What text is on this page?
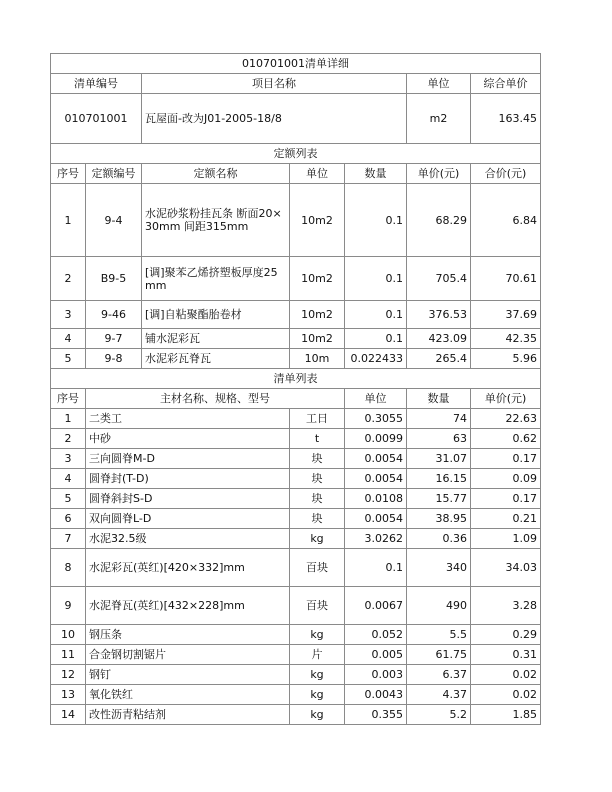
010701001清单详细							
清单编号		项目名称			单位	综合单价	
010701001		瓦屋面-改为J01-2005-18/8			m2	163.45	
定额列表							
序号	定额编号	定额名称	单位	数量	单价(元)	合价(元)	
1	9-4	水泥砂浆粉挂瓦条 断面20×30mm 间距315mm	10m2	0.1	68.29	6.84	
2	B9-5	[调]聚苯乙烯挤塑板厚度25mm	10m2	0.1	705.4	70.61	
3	9-46	[调]自粘聚酯胎卷材	10m2	0.1	376.53	37.69	
4	9-7	铺水泥彩瓦	10m2	0.1	423.09	42.35	
5	9-8	水泥彩瓦脊瓦	10m	0.022433	265.4	5.96	
清单列表							
序号	主材名称、规格、型号			单位	数量	单价(元)	
1	二类工	工日	0.3055	74	22.63
2	中砂	t	0.0099	63	0.62
3	三向圆脊M-D	块	0.0054	31.07	0.17
4	圆脊封(T-D)	块	0.0054	16.15	0.09
5	圆脊斜封S-D	块	0.0108	15.77	0.17
6	双向圆脊L-D	块	0.0054	38.95	0.21
7	水泥32.5级	kg	3.0262	0.36	1.09
8	水泥彩瓦(英红)[420×332]mm	百块	0.1	340	34.03
9	水泥脊瓦(英红)[432×228]mm	百块	0.0067	490	3.28
10	钢压条	kg	0.052	5.5	0.29
11	合金钢切割锯片	片	0.005	61.75	0.31
12	钢钉	kg	0.003	6.37	0.02
13	氧化铁红	kg	0.0043	4.37	0.02
14	改性沥青粘结剂	kg	0.355	5.2	1.85
